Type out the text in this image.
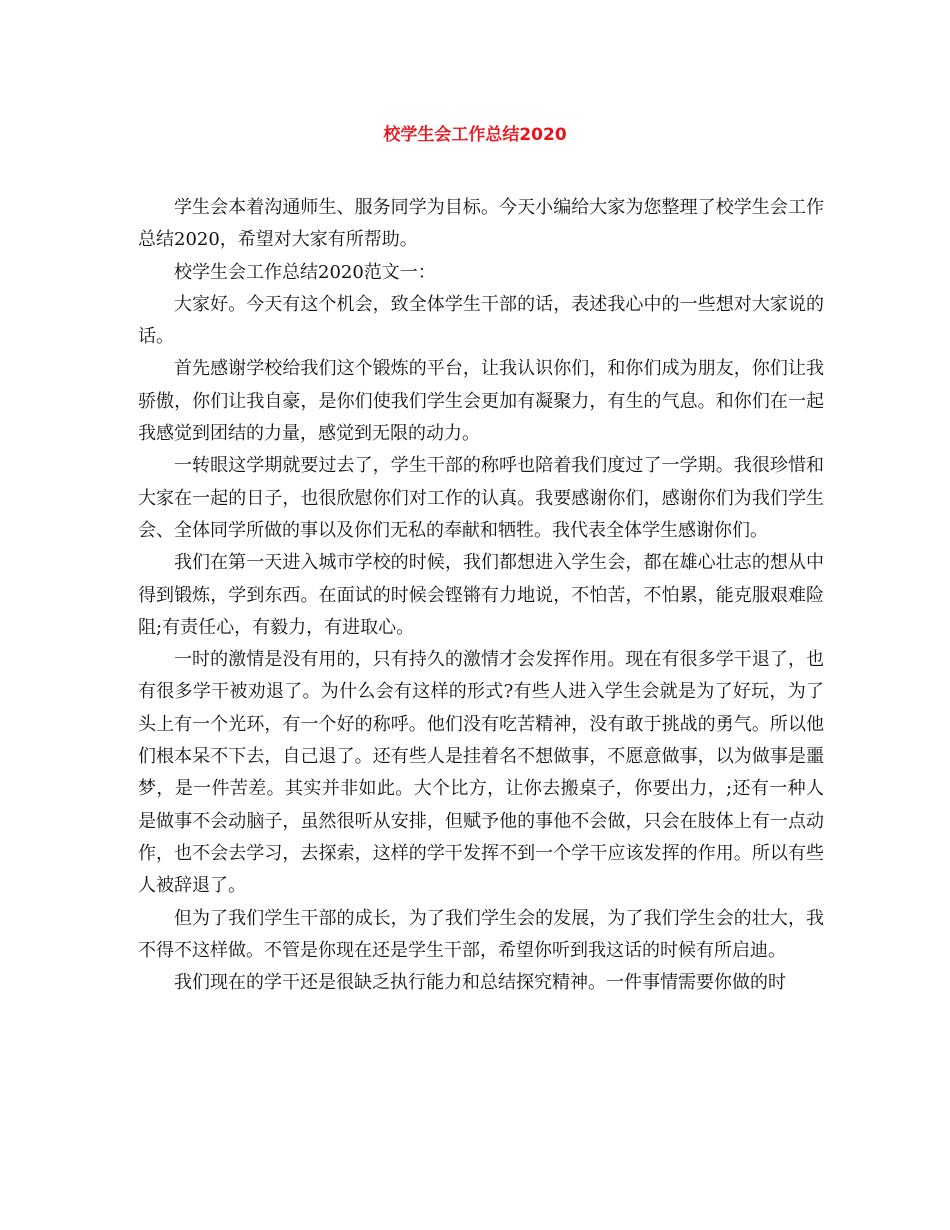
校学生会工作总结2020

学生会本着沟通师生、服务同学为目标。今天小编给大家为您整理了校学生会工作总结2020，希望对大家有所帮助。

校学生会工作总结2020范文一：

大家好。今天有这个机会，致全体学生干部的话，表述我心中的一些想对大家说的话。

首先感谢学校给我们这个锻炼的平台，让我认识你们，和你们成为朋友，你们让我骄傲，你们让我自豪，是你们使我们学生会更加有凝聚力，有生的气息。和你们在一起我感觉到团结的力量，感觉到无限的动力。

一转眼这学期就要过去了，学生干部的称呼也陪着我们度过了一学期。我很珍惜和大家在一起的日子，也很欣慰你们对工作的认真。我要感谢你们，感谢你们为我们学生会、全体同学所做的事以及你们无私的奉献和牺牲。我代表全体学生感谢你们。

我们在第一天进入城市学校的时候，我们都想进入学生会，都在雄心壮志的想从中得到锻炼，学到东西。在面试的时候会铿锵有力地说，不怕苦，不怕累，能克服艰难险阻;有责任心，有毅力，有进取心。

一时的激情是没有用的，只有持久的激情才会发挥作用。现在有很多学干退了，也有很多学干被劝退了。为什么会有这样的形式?有些人进入学生会就是为了好玩，为了头上有一个光环，有一个好的称呼。他们没有吃苦精神，没有敢于挑战的勇气。所以他们根本呆不下去，自己退了。还有些人是挂着名不想做事，不愿意做事，以为做事是噩梦，是一件苦差。其实并非如此。大个比方，让你去搬桌子，你要出力，;还有一种人是做事不会动脑子，虽然很听从安排，但赋予他的事他不会做，只会在肢体上有一点动作，也不会去学习，去探索，这样的学干发挥不到一个学干应该发挥的作用。所以有些人被辞退了。

但为了我们学生干部的成长，为了我们学生会的发展，为了我们学生会的壮大，我不得不这样做。不管是你现在还是学生干部，希望你听到我这话的时候有所启迪。

我们现在的学干还是很缺乏执行能力和总结探究精神。一件事情需要你做的时
